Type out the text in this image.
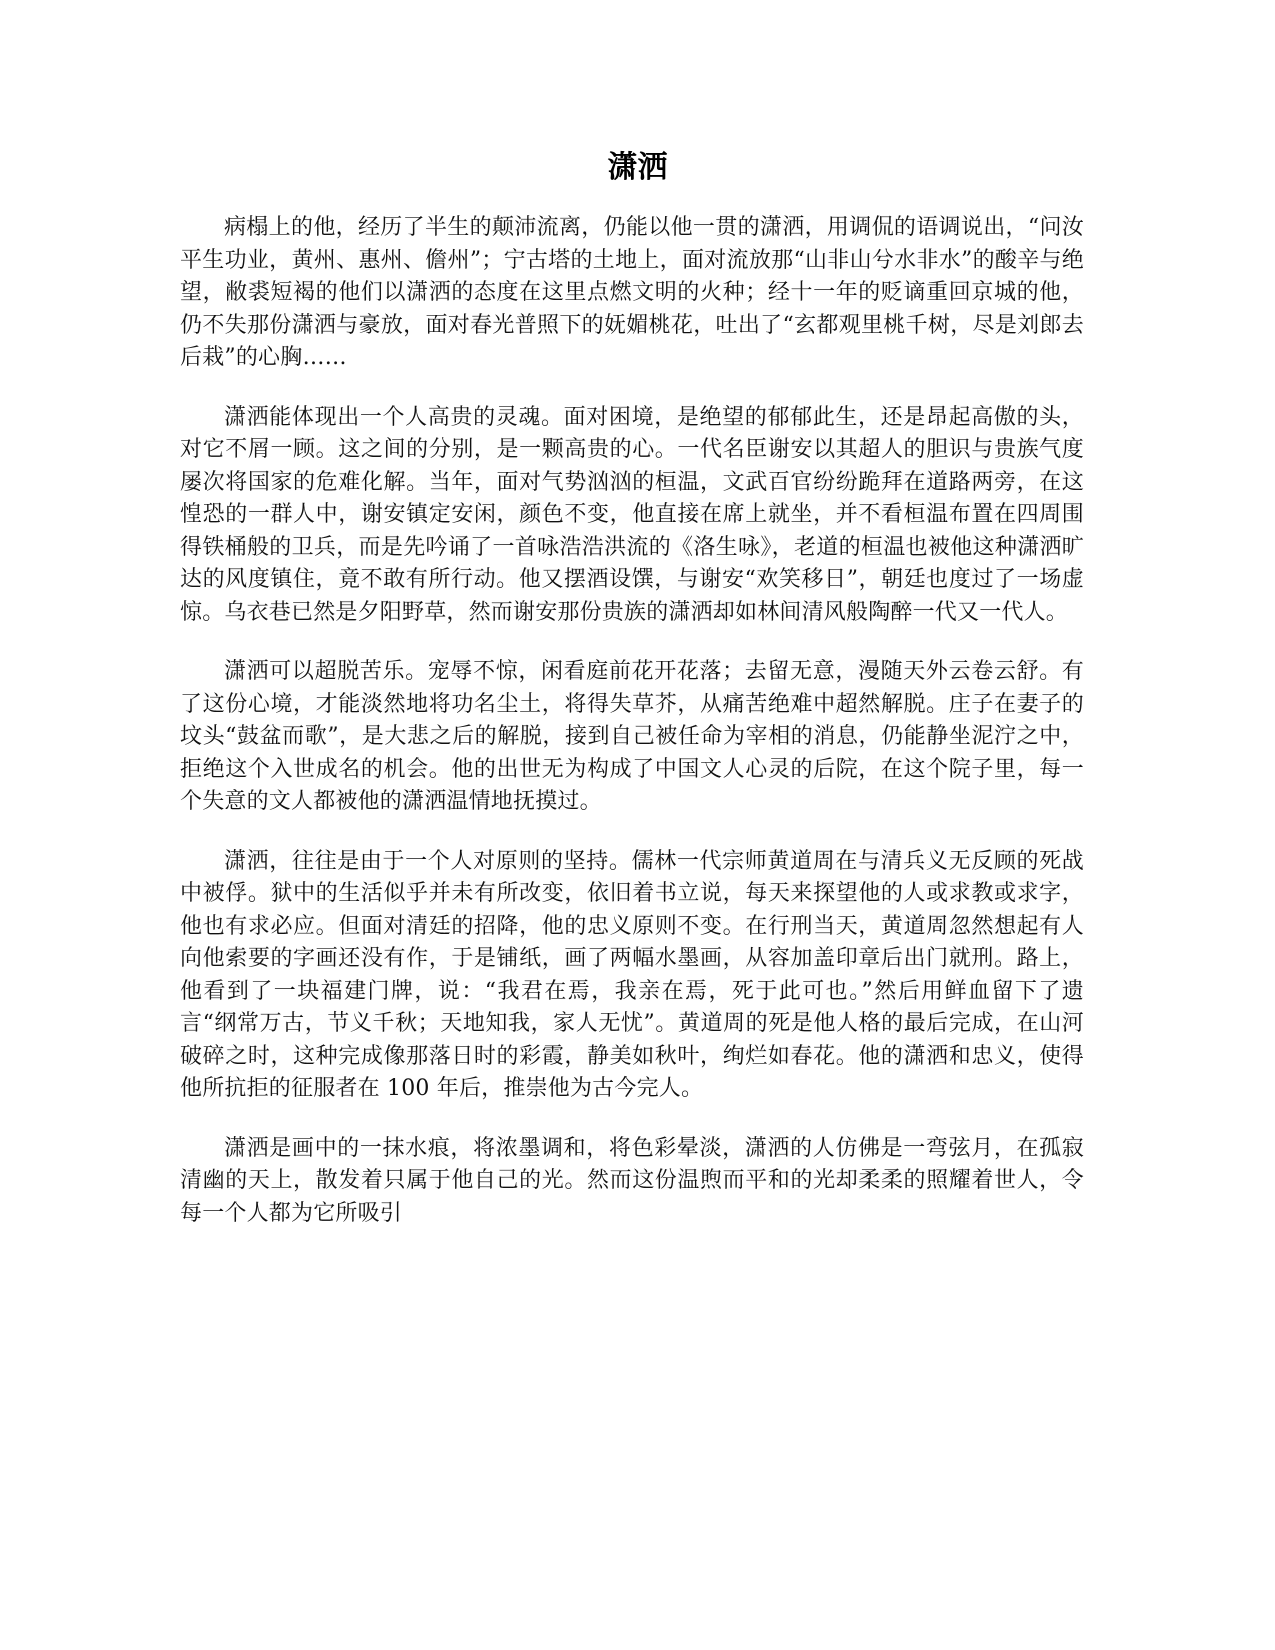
潇洒

病榻上的他，经历了半生的颠沛流离，仍能以他一贯的潇洒，用调侃的语调说出，“问汝平生功业，黄州、惠州、儋州”；宁古塔的土地上，面对流放那“山非山兮水非水”的酸辛与绝望，敝裘短褐的他们以潇洒的态度在这里点燃文明的火种；经十一年的贬谪重回京城的他，仍不失那份潇洒与豪放，面对春光普照下的妩媚桃花，吐出了“玄都观里桃千树，尽是刘郎去后栽”的心胸……

潇洒能体现出一个人高贵的灵魂。面对困境，是绝望的郁郁此生，还是昂起高傲的头，对它不屑一顾。这之间的分别，是一颗高贵的心。一代名臣谢安以其超人的胆识与贵族气度屡次将国家的危难化解。当年，面对气势汹汹的桓温，文武百官纷纷跪拜在道路两旁，在这惶恐的一群人中，谢安镇定安闲，颜色不变，他直接在席上就坐，并不看桓温布置在四周围得铁桶般的卫兵，而是先吟诵了一首咏浩浩洪流的《洛生咏》，老道的桓温也被他这种潇洒旷达的风度镇住，竟不敢有所行动。他又摆酒设馔，与谢安“欢笑移日”，朝廷也度过了一场虚惊。乌衣巷已然是夕阳野草，然而谢安那份贵族的潇洒却如林间清风般陶醉一代又一代人。

潇洒可以超脱苦乐。宠辱不惊，闲看庭前花开花落；去留无意，漫随天外云卷云舒。有了这份心境，才能淡然地将功名尘土，将得失草芥，从痛苦绝难中超然解脱。庄子在妻子的坟头“鼓盆而歌”，是大悲之后的解脱，接到自己被任命为宰相的消息，仍能静坐泥泞之中，拒绝这个入世成名的机会。他的出世无为构成了中国文人心灵的后院，在这个院子里，每一个失意的文人都被他的潇洒温情地抚摸过。

潇洒，往往是由于一个人对原则的坚持。儒林一代宗师黄道周在与清兵义无反顾的死战中被俘。狱中的生活似乎并未有所改变，依旧着书立说，每天来探望他的人或求教或求字，他也有求必应。但面对清廷的招降，他的忠义原则不变。在行刑当天，黄道周忽然想起有人向他索要的字画还没有作，于是铺纸，画了两幅水墨画，从容加盖印章后出门就刑。路上，他看到了一块福建门牌，说：“我君在焉，我亲在焉，死于此可也。”然后用鲜血留下了遗言“纲常万古，节义千秋；天地知我，家人无忧”。黄道周的死是他人格的最后完成，在山河破碎之时，这种完成像那落日时的彩霞，静美如秋叶，绚烂如春花。他的潇洒和忠义，使得他所抗拒的征服者在 100 年后，推崇他为古今完人。

潇洒是画中的一抹水痕，将浓墨调和，将色彩晕淡，潇洒的人仿佛是一弯弦月，在孤寂清幽的天上，散发着只属于他自己的光。然而这份温煦而平和的光却柔柔的照耀着世人，令每一个人都为它所吸引
